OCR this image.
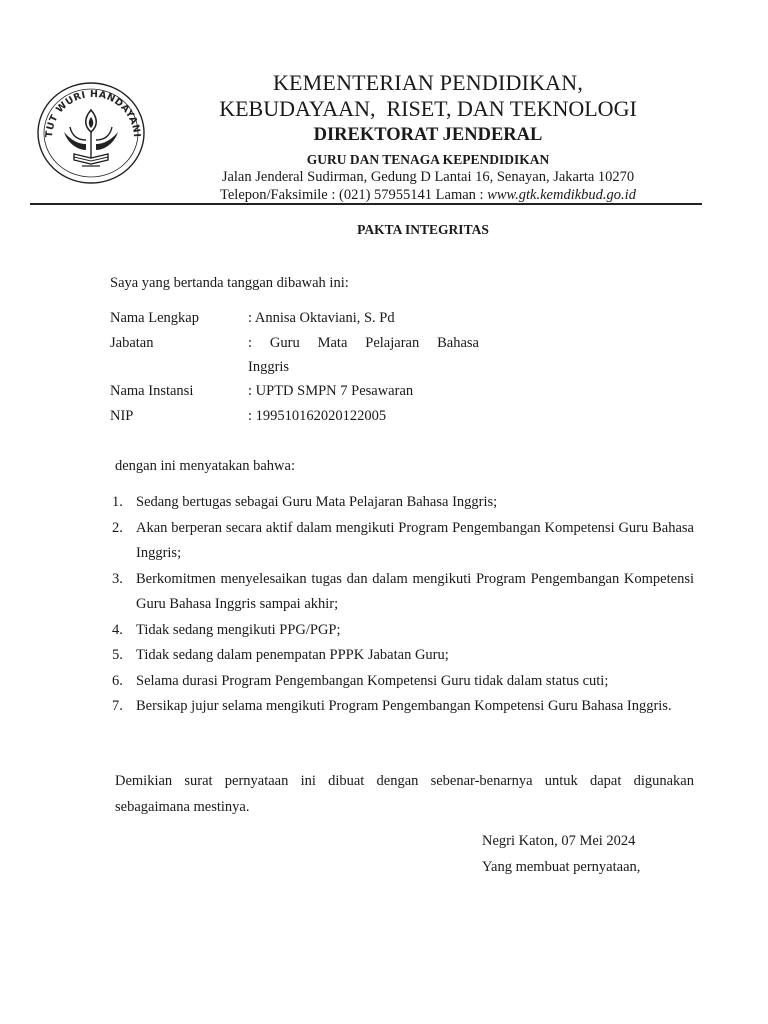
TUT WURI HANDAYANI
KEMENTERIAN PENDIDIKAN,
KEBUDAYAAN,  RISET, DAN TEKNOLOGI
DIREKTORAT JENDERAL
GURU DAN TENAGA KEPENDIDIKAN
Jalan Jenderal Sudirman, Gedung D Lantai 16, Senayan, Jakarta 10270
Telepon/Faksimile : (021) 57955141 Laman : www.gtk.kemdikbud.go.id
PAKTA INTEGRITAS
Saya yang bertanda tanggan dibawah ini:
Nama Lengkap	: Annisa Oktaviani, S. Pd
Jabatan	: Guru Mata Pelajaran Bahasa
Inggris
Nama Instansi	: UPTD SMPN 7 Pesawaran
NIP	: 199510162020122005
dengan ini menyatakan bahwa:
1. Sedang bertugas sebagai Guru Mata Pelajaran Bahasa Inggris;
2. Akan berperan secara aktif dalam mengikuti Program Pengembangan Kompetensi Guru Bahasa Inggris;
3. Berkomitmen menyelesaikan tugas dan dalam mengikuti Program Pengembangan Kompetensi Guru Bahasa Inggris sampai akhir;
4. Tidak sedang mengikuti PPG/PGP;
5. Tidak sedang dalam penempatan PPPK Jabatan Guru;
6. Selama durasi Program Pengembangan Kompetensi Guru tidak dalam status cuti;
7. Bersikap jujur selama mengikuti Program Pengembangan Kompetensi Guru Bahasa Inggris.
Demikian surat pernyataan ini dibuat dengan sebenar-benarnya untuk dapat digunakan sebagaimana mestinya.
Negri Katon, 07 Mei 2024
Yang membuat pernyataan,
